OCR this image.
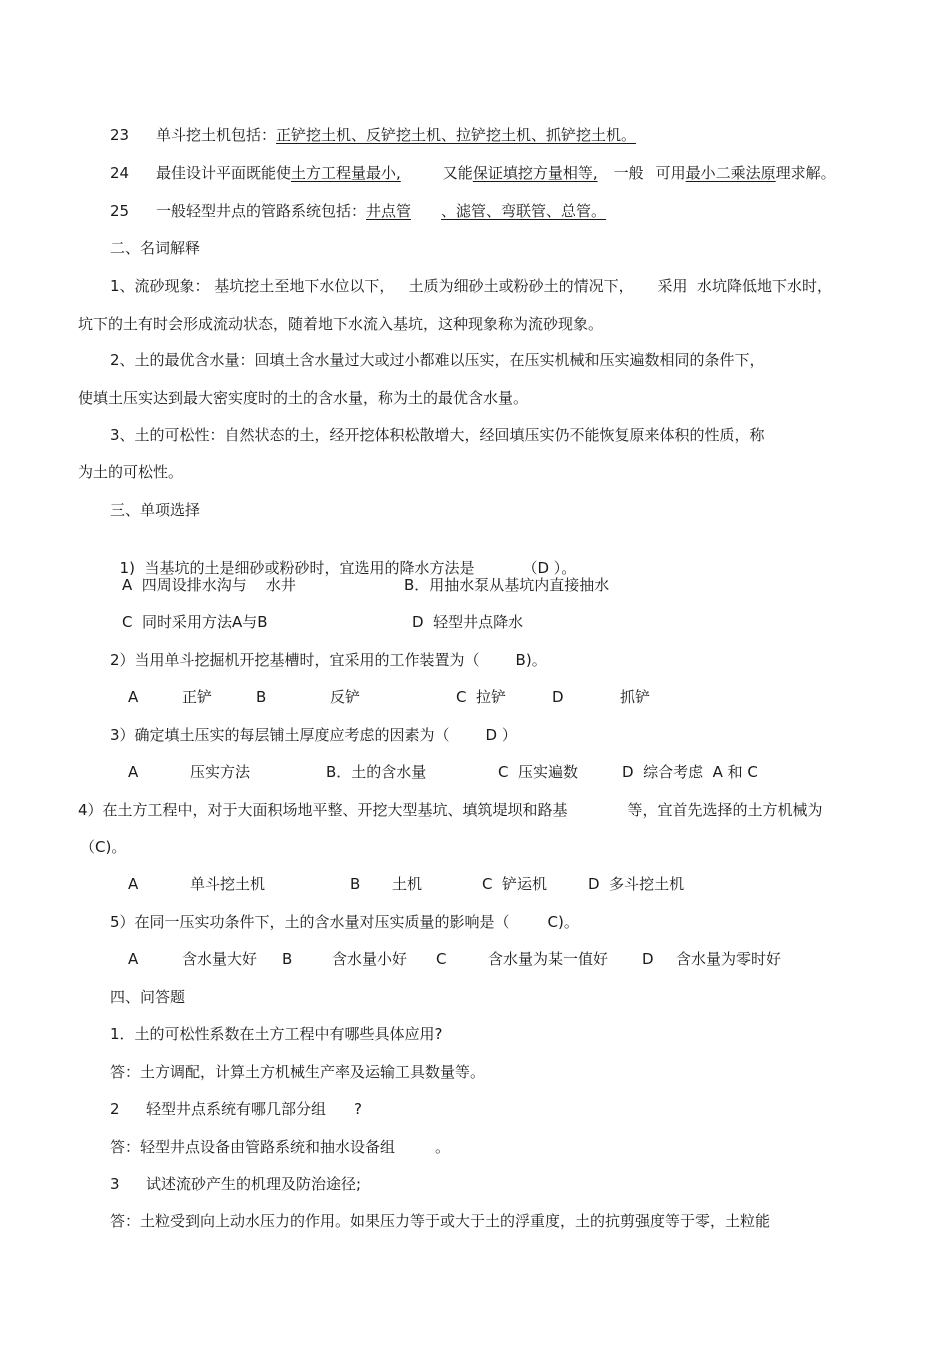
23 单斗挖土机包括：正铲挖土机、反铲挖土机、拉铲挖土机、抓铲挖土机。
24 最佳设计平面既能使土方工程量最小,	又能保证填挖方量相等, 一般 可用最小二乘法原理求解。
25 一般轻型井点的管路系统包括：井点管 、滤管、弯联管、总管。
二、名词解释
1、流砂现象： 基坑挖土至地下水位以下，   土质为细砂土或粉砂土的情况下，     采用  水坑降低地下水时，
坑下的土有时会形成流动状态，随着地下水流入基坑，这种现象称为流砂现象。
2、土的最优含水量：回填土含水量过大或过小都难以压实，在压实机械和压实遍数相同的条件下，
使填土压实达到最大密实度时的土的含水量，称为土的最优含水量。
3、土的可松性：自然状态的土，经开挖体积松散增大，经回填压实仍不能恢复原来体积的性质，称
为土的可松性。
三、单项选择

1)  当基坑的土是细砂或粉砂时，宜选用的降水方法是	（D ）。

A  四周设排水沟与    水井	B．用抽水泵从基坑内直接抽水
C  同时采用方法A与B	D  轻型井点降水
2）当用单斗挖掘机开挖基槽时，宜采用的工作装置为（ B)。
A	正铲	B	反铲	C  拉铲	D	抓铲
3）确定填土压实的每层铺土厚度应考虑的因素为（ D ）
A	压实方法	B．土的含水量	C  压实遍数	D  综合考虑  A 和 C
4）在土方工程中，对于大面积场地平整、开挖大型基坑、填筑堤坝和路基	等，宜首先选择的土方机械为
（C)。
A	单斗挖土机	B 土机	C  铲运机	D  多斗挖土机
5）在同一压实功条件下，土的含水量对压实质量的影响是（	C)。
A	含水量大好 B	含水量小好 C	含水量为某一值好 D 含水量为零时好
四、问答题
1．土的可松性系数在土方工程中有哪些具体应用?
答：土方调配，计算土方机械生产率及运输工具数量等。
2 轻型井点系统有哪几部分组 ?
答：轻型井点设备由管路系统和抽水设备组	。
3 试述流砂产生的机理及防治途径;
答：土粒受到向上动水压力的作用。如果压力等于或大于土的浮重度，土的抗剪强度等于零，土粒能
